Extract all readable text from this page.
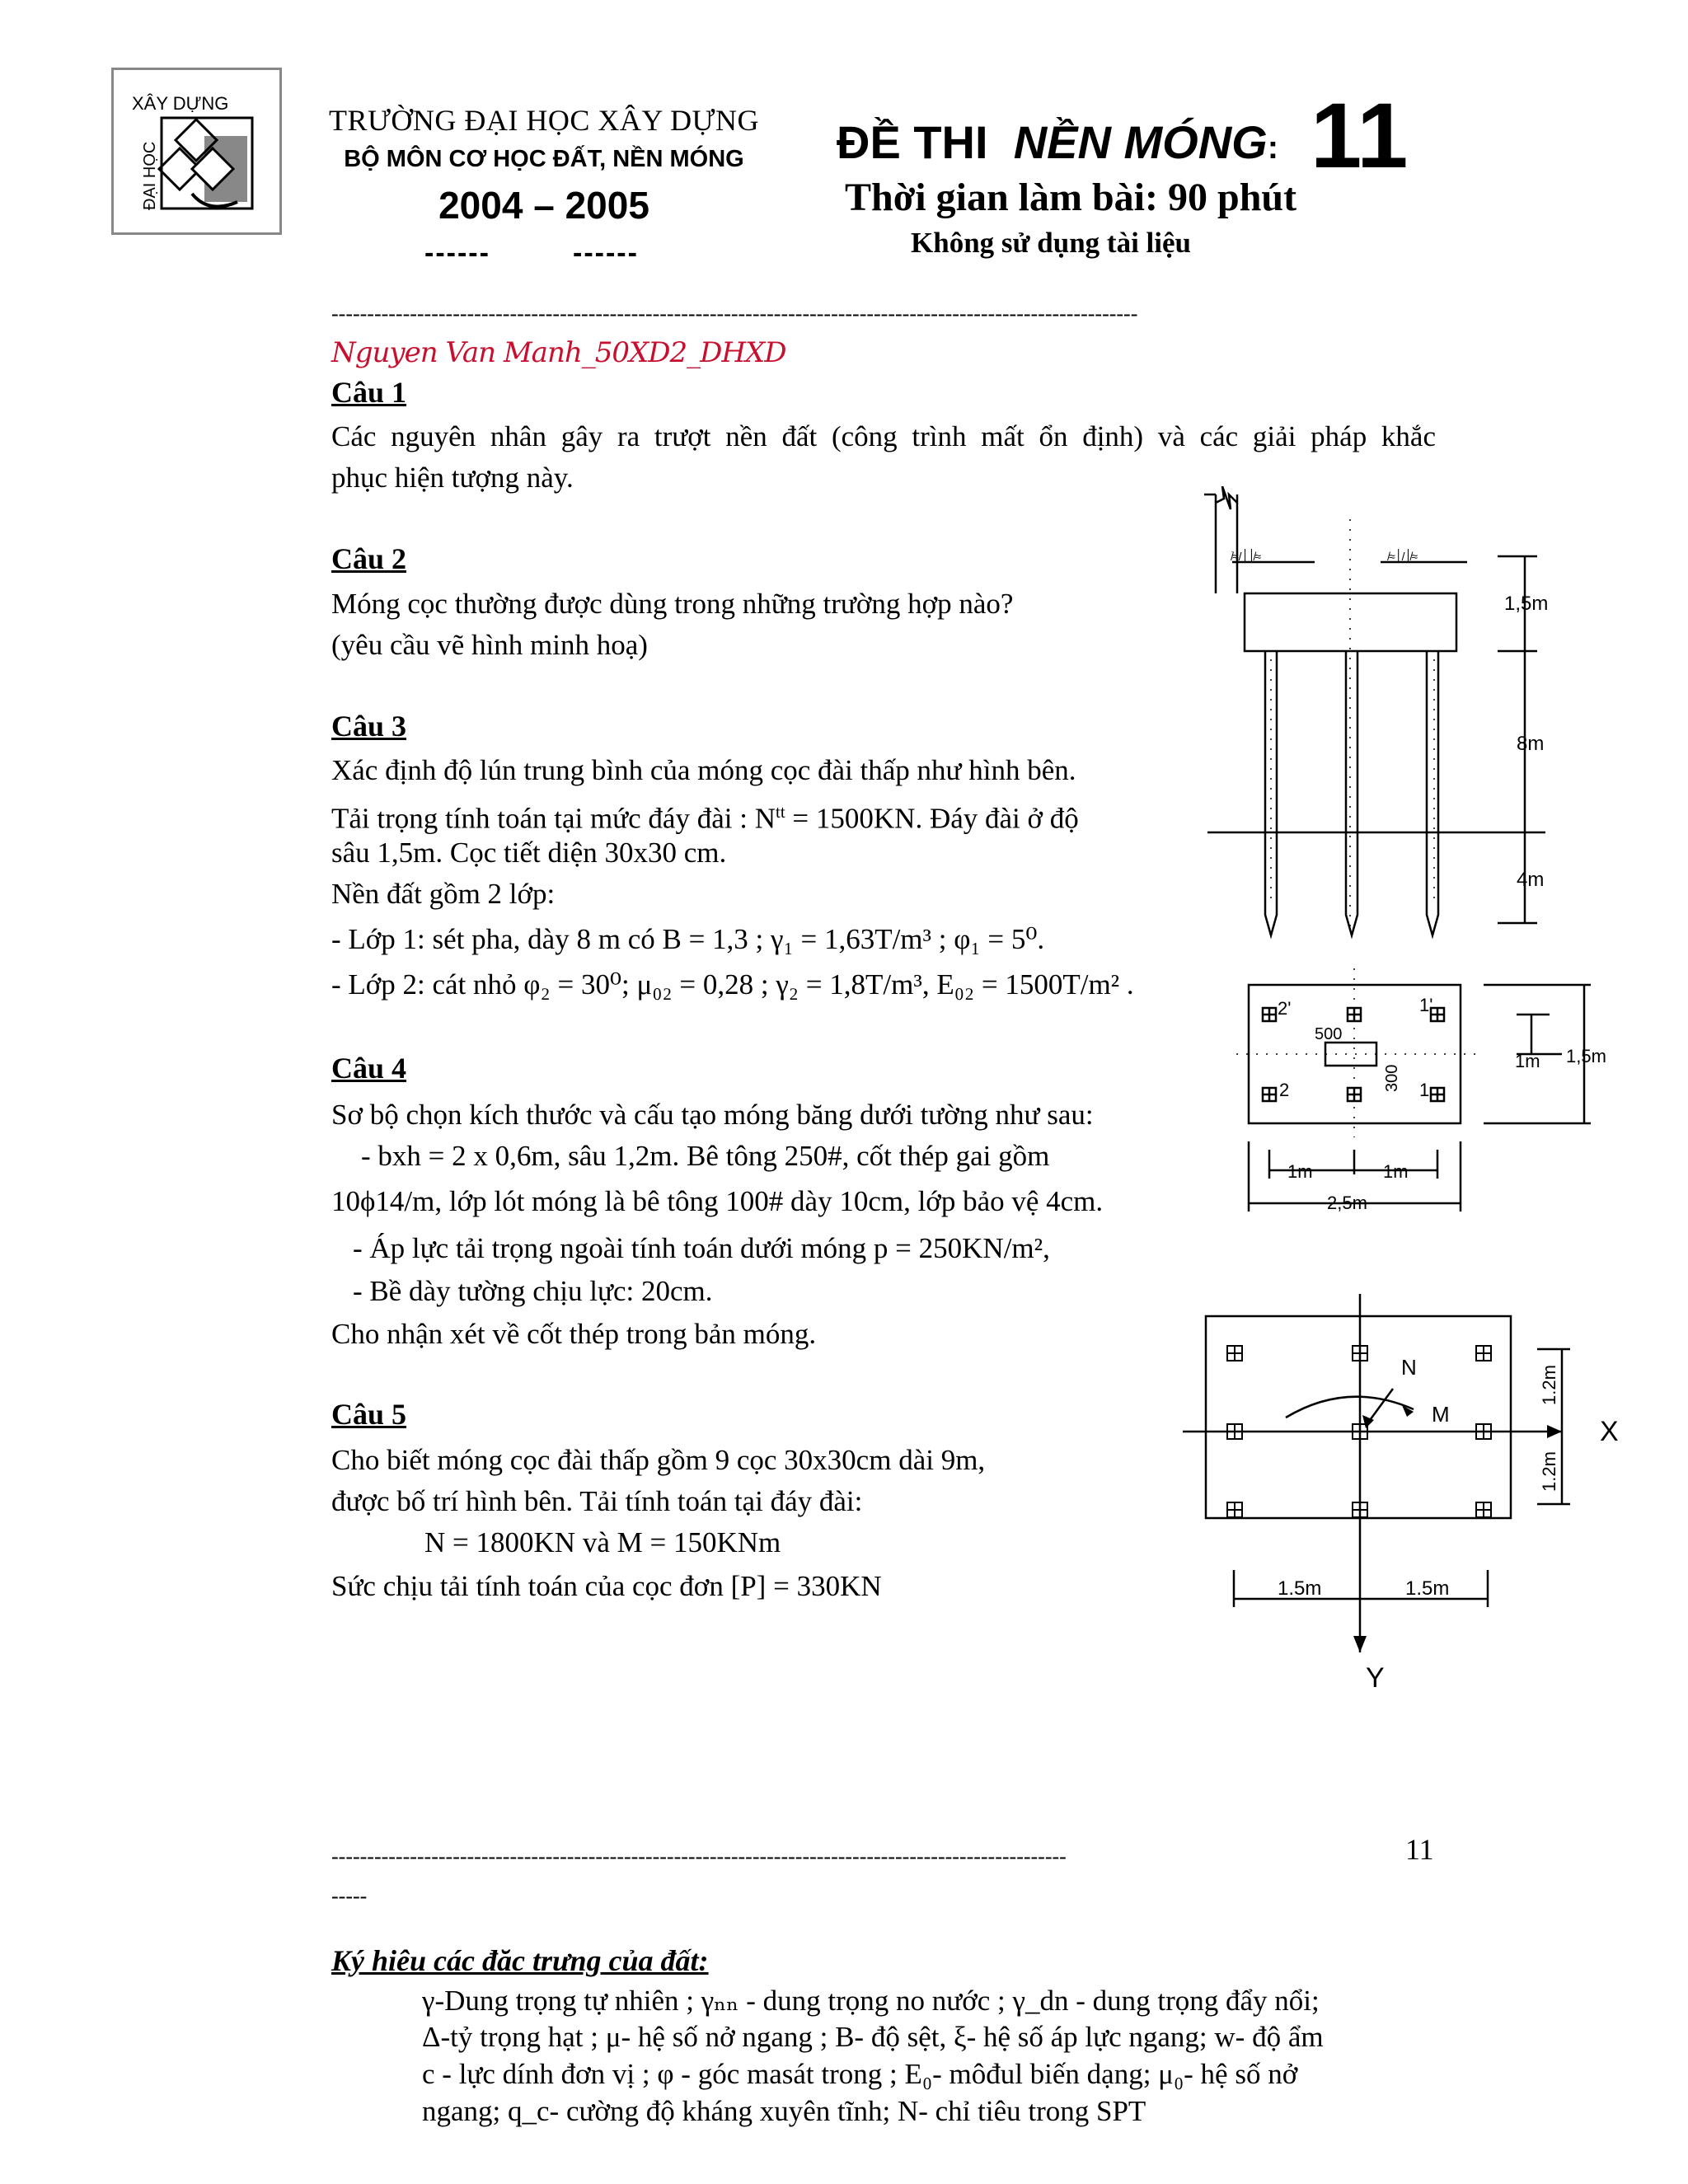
XÂY DỰNG
ĐẠI HỌC
TRƯỜNG ĐẠI HỌC XÂY DỰNG
BỘ MÔN CƠ HỌC ĐẤT, NỀN MÓNG
2004 – 2005
------	------
ĐỀ THI NỀN MÓNG: 11
Thời gian làm bài: 90 phút
Không sử dụng tài liệu
-----------------------------------------------------------------------------------------------------------------
Nguyen Van Manh_50XD2_DHXD
Câu 1
Các nguyên nhân gây ra trượt nền đất (công trình mất ổn định) và các giải pháp khắc
phục hiện tượng này.
Câu 2
Móng cọc thường được dùng trong những trường hợp nào?
(yêu cầu vẽ hình minh hoạ)
Câu 3
Xác định độ lún trung bình của móng cọc đài thấp như hình bên.
Tải trọng tính toán tại mức đáy đài : $N^{tt} = 1500KN$. Đáy đài ở độ
sâu 1,5m. Cọc tiết diện 30x30 cm.
Nền đất gồm 2 lớp:
- Lớp 1: sét pha, dày 8 m có B = 1,3 ; γ₁ = 1,63T/m³ ; φ₁ = 5⁰.
- Lớp 2: cát nhỏ φ₂ = 30⁰; μ₀₂ = 0,28 ; γ₂ = 1,8T/m³, E₀₂ = 1500T/m² .
Câu 4
Sơ bộ chọn kích thước và cấu tạo móng băng dưới tường như sau:
- bxh = 2 x 0,6m, sâu 1,2m. Bê tông 250#, cốt thép gai gồm
10ϕ14/m, lớp lót móng là bê tông 100# dày 10cm, lớp bảo vệ 4cm.
- Áp lực tải trọng ngoài tính toán dưới móng p = 250KN/m²,
- Bề dày tường chịu lực: 20cm.
Cho nhận xét về cốt thép trong bản móng.
Câu 5
Cho biết móng cọc đài thấp gồm 9 cọc 30x30cm dài 9m,
được bố trí hình bên. Tải tính toán tại đáy đài:
N = 1800KN và M = 150KNm
Sức chịu tải tính toán của cọc đơn [P] = 330KN
-------------------------------------------------------------------------------------------------------	11
-----
Ký hiêu các đăc trưng của đất:
γ-Dung trọng tự nhiên ; γₙₙ - dung trọng no nước ; γ_dn - dung trọng đẩy nổi;
Δ-tỷ trọng hạt ; μ- hệ số nở ngang ; B- độ sệt, ξ- hệ số áp lực ngang; w- độ ẩm
c - lực dính đơn vị ; φ - góc masát trong ; E₀- môđul biến dạng; μ₀- hệ số nở
ngang; q_c- cường độ kháng xuyên tĩnh; N- chỉ tiêu trong SPT
≉ׂ/׀׀≉	≉׀/׀≉
1,5m
8m
4m
2'	1'
2	1
500
300
1m 1,5m
1m	1m
2,5m
N
M
X
Y
1.2m
1.2m
1.5m	1.5m
